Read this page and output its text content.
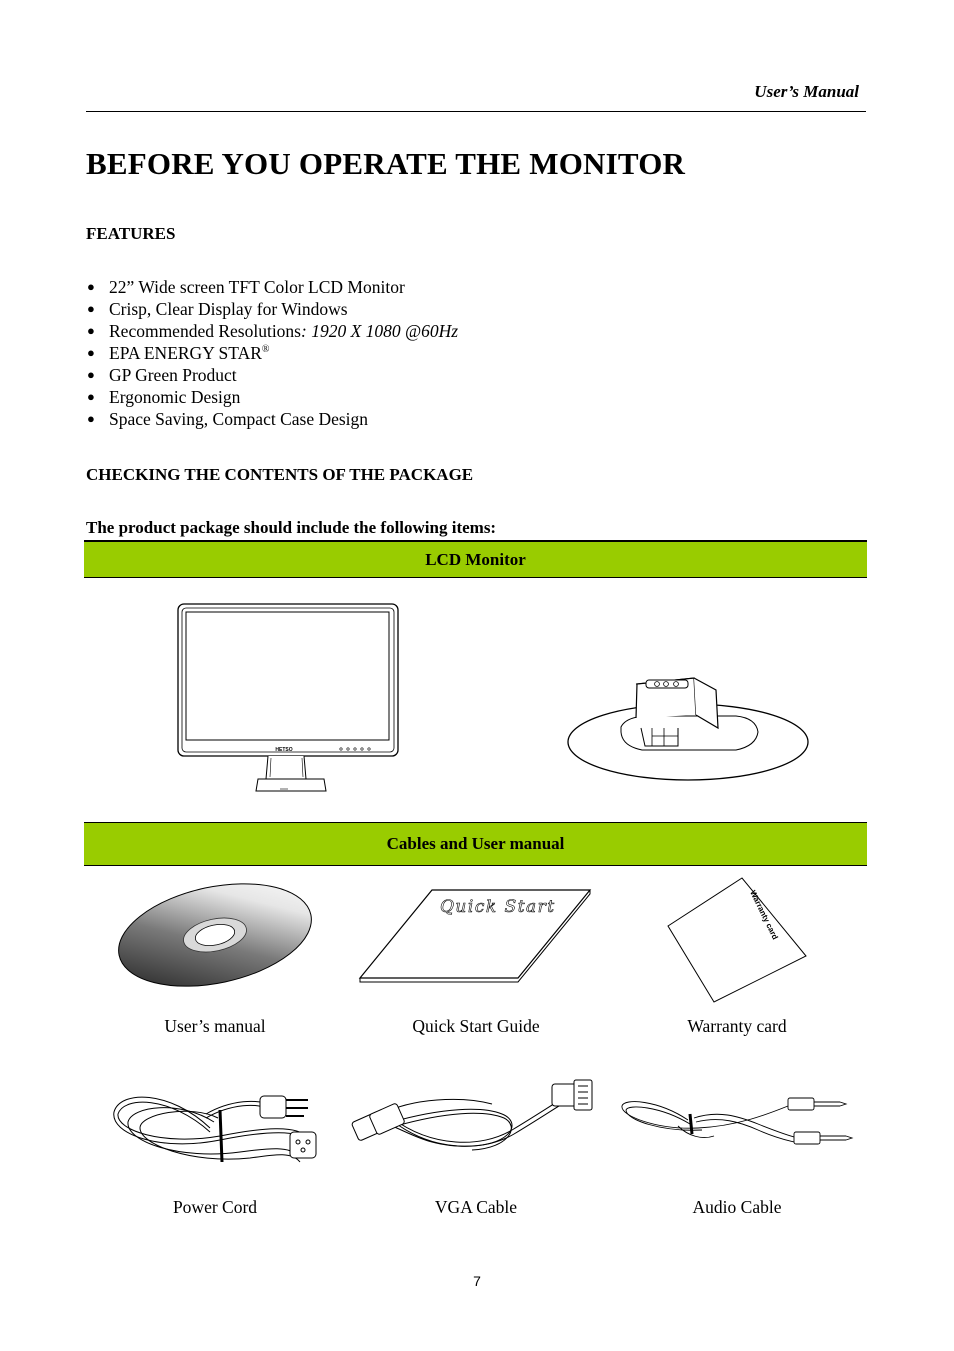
User’s Manual
BEFORE YOU OPERATE THE MONITOR
FEATURES
● 22” Wide screen TFT Color LCD Monitor
● Crisp, Clear Display for Windows
● Recommended Resolutions: 1920 X 1080 @60Hz
● EPA ENERGY STAR®
● GP Green Product
● Ergonomic Design
● Space Saving, Compact Case Design
CHECKING THE CONTENTS OF THE PACKAGE
The product package should include the following items:
LCD Monitor
HETSO
Cables and User manual
Quick Start	Warranty card
User’s manual	Quick Start Guide	Warranty card
Power Cord	VGA Cable	Audio Cable
7
